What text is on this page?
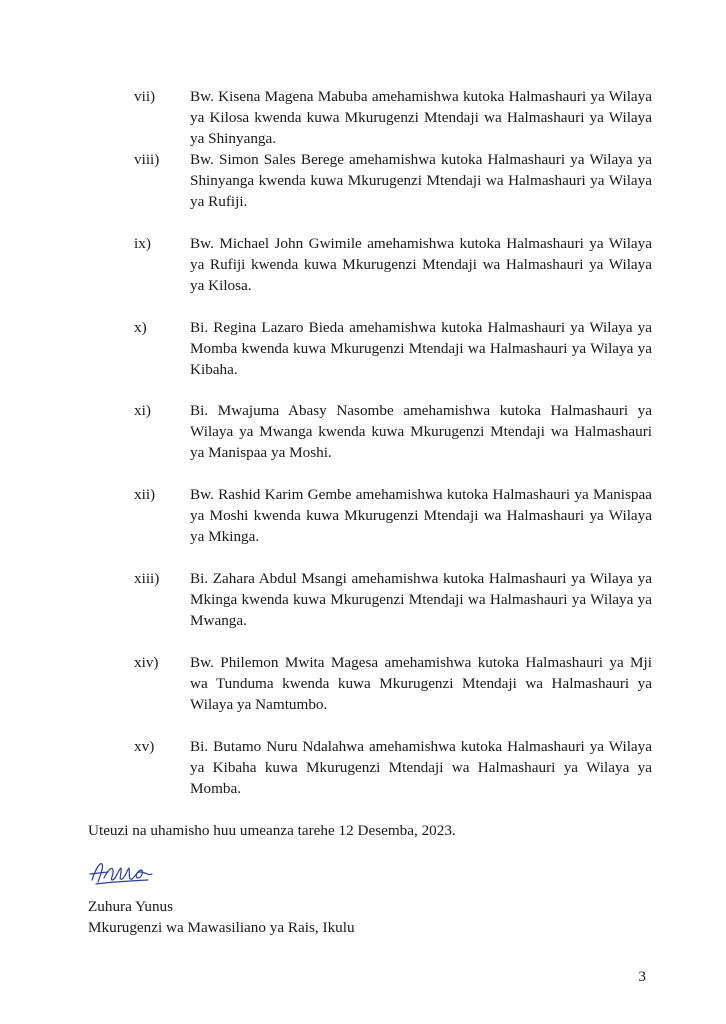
vii)	Bw. Kisena Magena Mabuba amehamishwa kutoka Halmashauri ya Wilaya ya Kilosa kwenda kuwa Mkurugenzi Mtendaji wa Halmashauri ya Wilaya ya Shinyanga.
viii)	Bw. Simon Sales Berege amehamishwa kutoka Halmashauri ya Wilaya ya Shinyanga kwenda kuwa Mkurugenzi Mtendaji wa Halmashauri ya Wilaya ya Rufiji.
ix)	Bw. Michael John Gwimile amehamishwa kutoka Halmashauri ya Wilaya ya Rufiji kwenda kuwa Mkurugenzi Mtendaji wa Halmashauri ya Wilaya ya Kilosa.
x)	Bi. Regina Lazaro Bieda amehamishwa kutoka Halmashauri ya Wilaya ya Momba kwenda kuwa Mkurugenzi Mtendaji wa Halmashauri ya Wilaya ya Kibaha.
xi)	Bi. Mwajuma Abasy Nasombe amehamishwa kutoka Halmashauri ya Wilaya ya Mwanga kwenda kuwa Mkurugenzi Mtendaji wa Halmashauri ya Manispaa ya Moshi.
xii)	Bw. Rashid Karim Gembe amehamishwa kutoka Halmashauri ya Manispaa ya Moshi kwenda kuwa Mkurugenzi Mtendaji wa Halmashauri ya Wilaya ya Mkinga.
xiii)	Bi. Zahara Abdul Msangi amehamishwa kutoka Halmashauri ya Wilaya ya Mkinga kwenda kuwa Mkurugenzi Mtendaji wa Halmashauri ya Wilaya ya Mwanga.
xiv)	Bw. Philemon Mwita Magesa amehamishwa kutoka Halmashauri ya Mji wa Tunduma kwenda kuwa Mkurugenzi Mtendaji wa Halmashauri ya Wilaya ya Namtumbo.
xv)	Bi. Butamo Nuru Ndalahwa amehamishwa kutoka Halmashauri ya Wilaya ya Kibaha kuwa Mkurugenzi Mtendaji wa Halmashauri ya Wilaya ya Momba.
Uteuzi na uhamisho huu umeanza tarehe 12 Desemba, 2023.
Zuhura Yunus
Mkurugenzi wa Mawasiliano ya Rais, Ikulu
3
